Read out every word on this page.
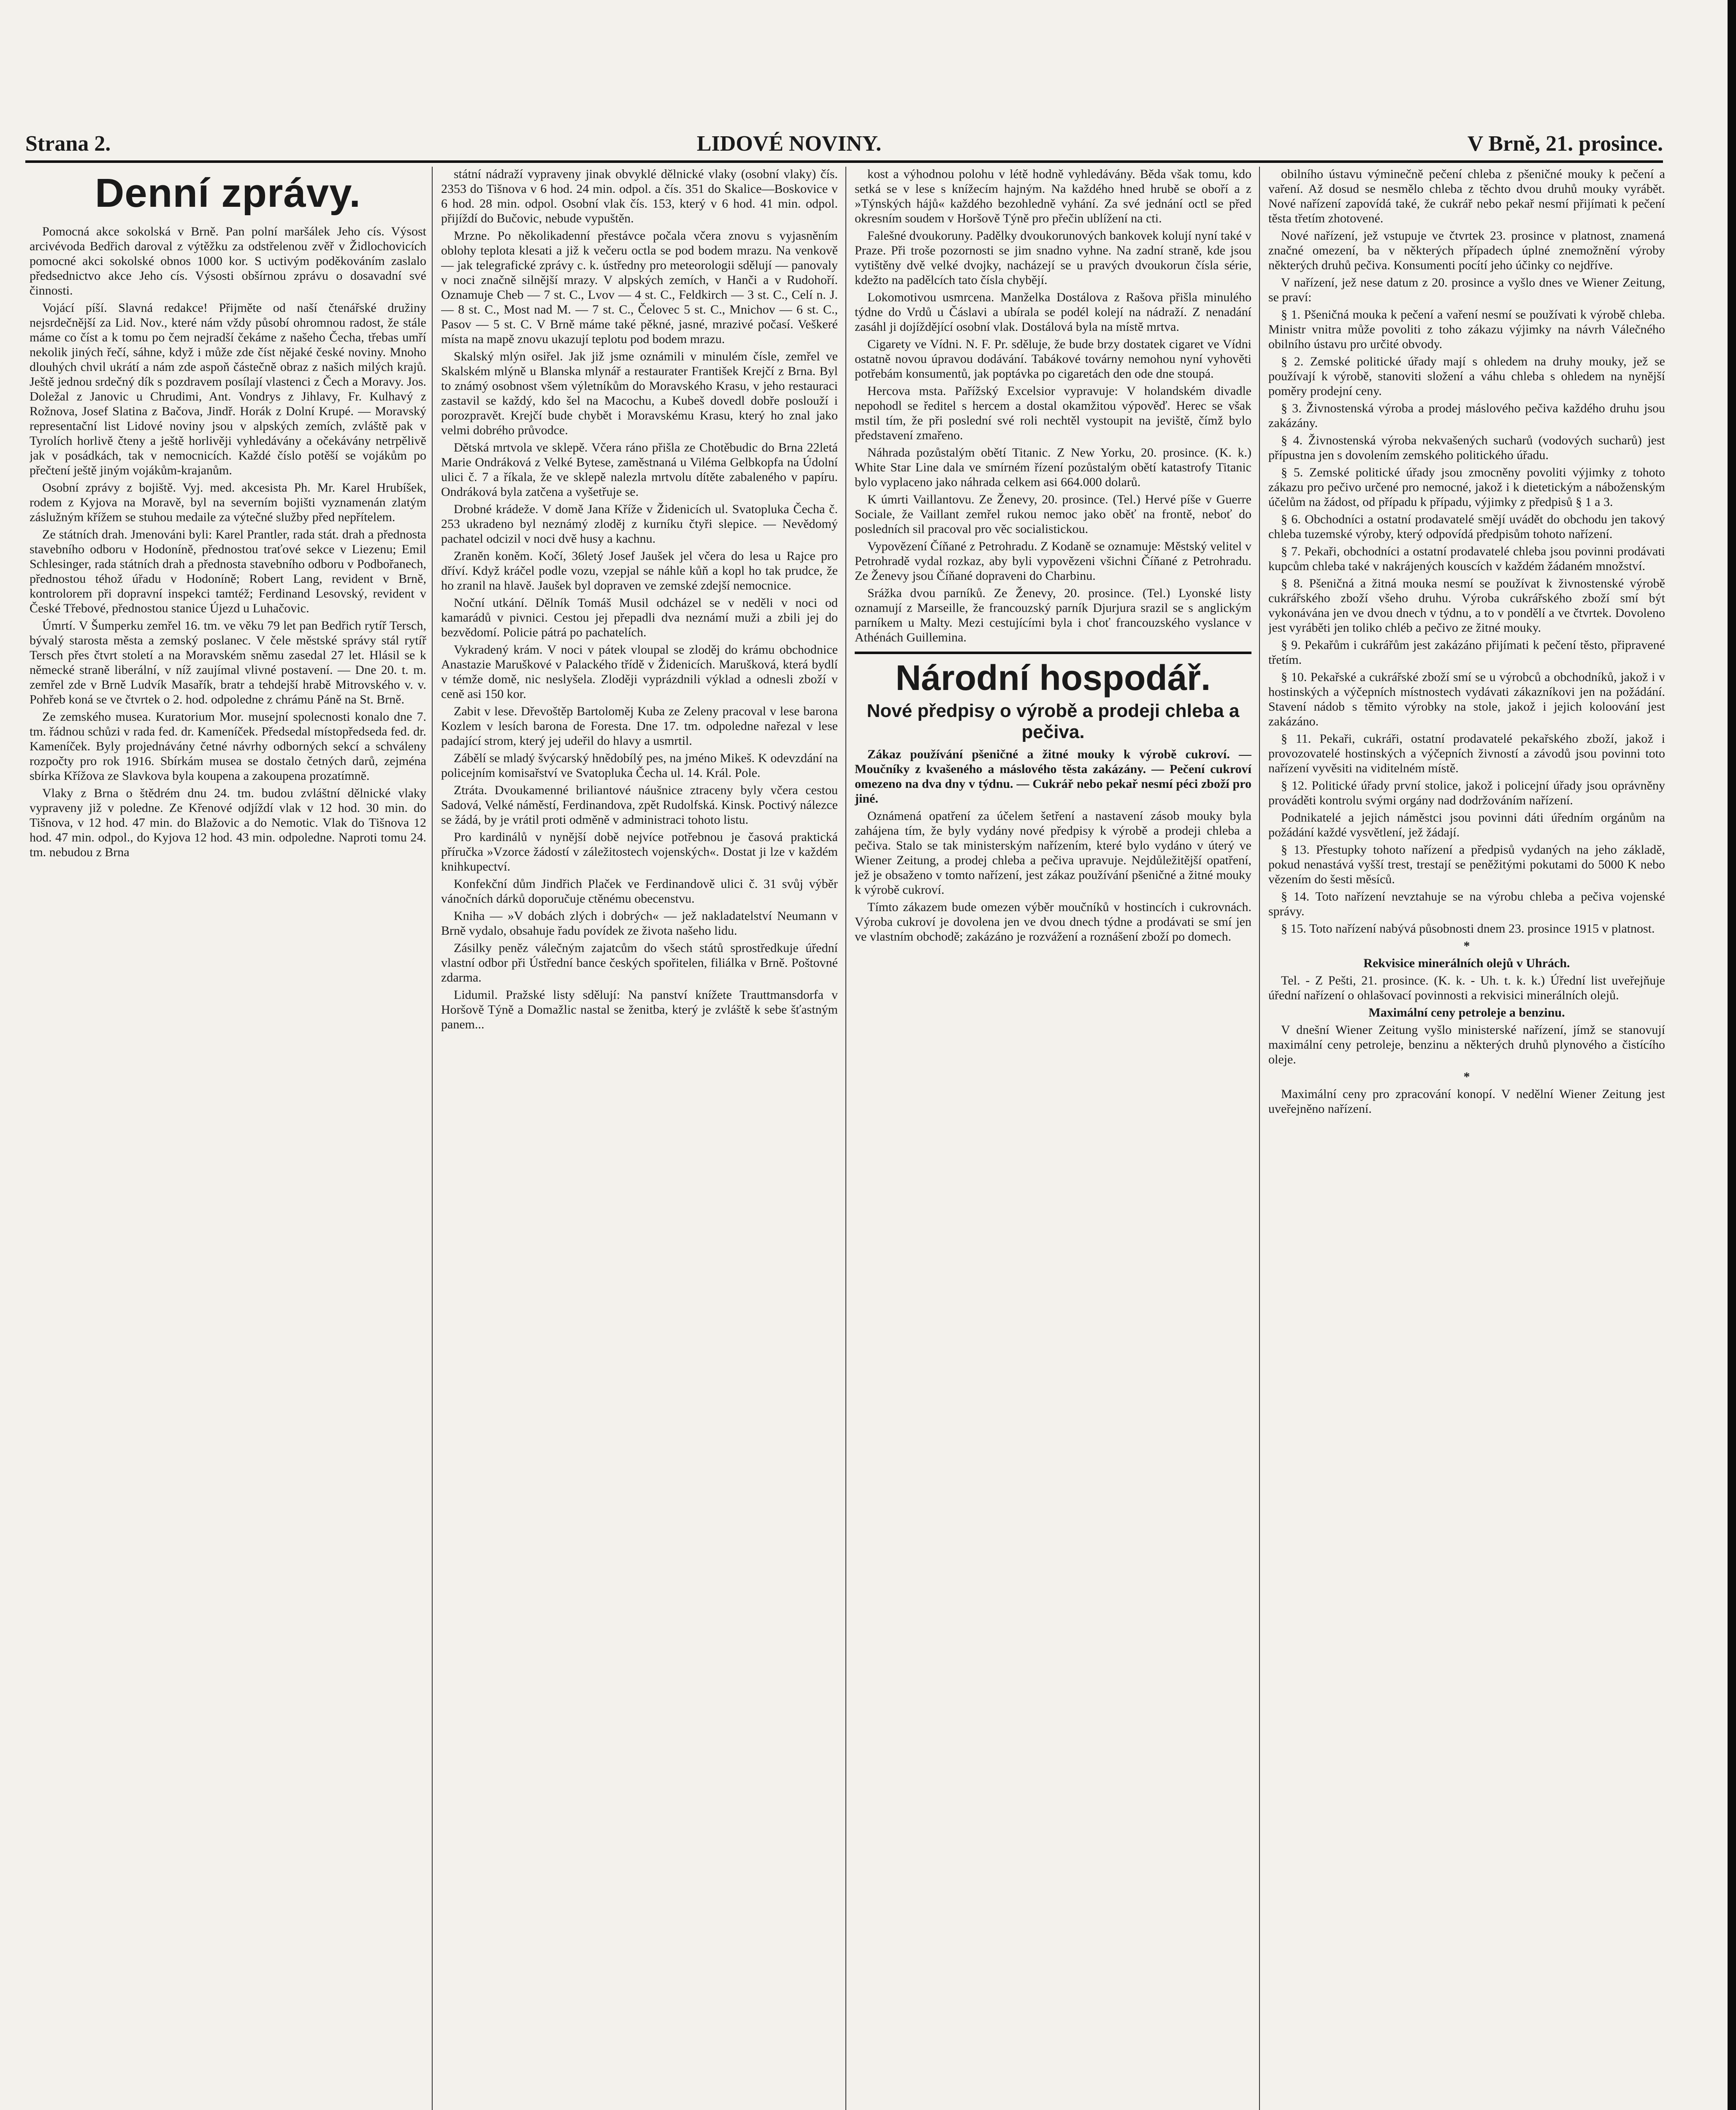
Strana 2.	LIDOVÉ NOVINY.	V Brně, 21. prosince.
Denní zprávy.

Pomocná akce sokolská v Brně. Pan polní maršálek Jeho cís. Výsost arcivévoda Bedřich daroval z výtěžku za odstřelenou zvěř v Židlochovicích pomocné akci sokolské obnos 1000 kor. S uctivým poděkováním zaslalo předsednictvo akce Jeho cís. Výsosti obšírnou zprávu o dosavadní své činnosti.

Vojácí píší. Slavná redakce! Přijměte od naší čtenářské družiny nejsrdečnější za Lid. Nov., které nám vždy působí ohromnou radost, že stále máme co číst a k tomu po čem nejradší čekáme z našeho Čecha, třebas umří nekolik jiných řečí, sáhne, když i může zde číst nějaké české noviny. Mnoho dlouhých chvil ukrátí a nám zde aspoň částečně obraz z našich milých krajů. Ještě jednou srdečný dík s pozdravem posílají vlastenci z Čech a Moravy. Jos. Doležal z Janovic u Chrudimi, Ant. Vondrys z Jihlavy, Fr. Kulhavý z Rožnova, Josef Slatina z Bačova, Jindř. Horák z Dolní Krupé. — Moravský representační list Lidové noviny jsou v alpských zemích, zvláště pak v Tyrolích horlivě čteny a ještě horlivěji vyhledávány a očekávány netrpělivě jak v posádkách, tak v nemocnicích. Každé číslo potěší se vojákům po přečtení ještě jiným vojákům-krajanům.

Osobní zprávy z bojiště. Vyj. med. akcesista Ph. Mr. Karel Hrubíšek, rodem z Kyjova na Moravě, byl na severním bojišti vyznamenán zlatým záslužným křížem se stuhou medaile za výtečné služby před nepřítelem.

Ze státních drah. Jmenováni byli: Karel Prantler, rada stát. drah a přednosta stavebního odboru v Hodoníně, přednostou traťové sekce v Liezenu; Emil Schlesinger, rada státních drah a přednosta stavebního odboru v Podbořanech, přednostou téhož úřadu v Hodoníně; Robert Lang, revident v Brně, kontrolorem při dopravní inspekci tamtéž; Ferdinand Lesovský, revident v České Třebové, přednostou stanice Újezd u Luhačovic.

Úmrtí. V Šumperku zemřel 16. tm. ve věku 79 let pan Bedřich rytíř Tersch, bývalý starosta města a zemský poslanec. V čele městské správy stál rytíř Tersch přes čtvrt století a na Moravském sněmu zasedal 27 let. Hlásil se k německé straně liberální, v níž zaujímal vlivné postavení. — Dne 20. t. m. zemřel zde v Brně Ludvík Masařík, bratr a tehdejší hrabě Mitrovského v. v. Pohřeb koná se ve čtvrtek o 2. hod. odpoledne z chrámu Páně na St. Brně.

Ze zemského musea. Kuratorium Mor. musejní spolecnosti konalo dne 7. tm. řádnou schůzi v rada fed. dr. Kameníček. Předsedal místopředseda fed. dr. Kameníček. Byly projednávány četné návrhy odborných sekcí a schváleny rozpočty pro rok 1916. Sbírkám musea se dostalo četných darů, zejména sbírka Křížova ze Slavkova byla koupena a zakoupena prozatímně.

Vlaky z Brna o štědrém dnu 24. tm. budou zvláštní dělnické vlaky vypraveny již v poledne. Ze Křenové odjíždí vlak v 12 hod. 30 min. do Tišnova, v 12 hod. 47 min. do Blažovic a do Nemotic. Vlak do Tišnova 12 hod. 47 min. odpol., do Kyjova 12 hod. 43 min. odpoledne. Naproti tomu 24. tm. nebudou z Brna

státní nádraží vypraveny jinak obvyklé dělnické vlaky (osobní vlaky) čís. 2353 do Tišnova v 6 hod. 24 min. odpol. a čís. 351 do Skalice—Boskovice v 6 hod. 28 min. odpol. Osobní vlak čís. 153, který v 6 hod. 41 min. odpol. přijíždí do Bučovic, nebude vypuštěn.

Mrzne. Po několikadenní přestávce počala včera znovu s vyjasněním oblohy teplota klesati a již k večeru octla se pod bodem mrazu. Na venkově — jak telegrafické zprávy c. k. ústředny pro meteorologii sdělují — panovaly v noci značně silnější mrazy. V alpských zemích, v Hanči a v Rudohoří. Oznamuje Cheb — 7 st. C., Lvov — 4 st. C., Feldkirch — 3 st. C., Celí n. J. — 8 st. C., Most nad M. — 7 st. C., Čelovec 5 st. C., Mnichov — 6 st. C., Pasov — 5 st. C. V Brně máme také pěkné, jasné, mrazivé počasí. Veškeré místa na mapě znovu ukazují teplotu pod bodem mrazu.

Skalský mlýn osiřel. Jak již jsme oznámili v minulém čísle, zemřel ve Skalském mlýně u Blanska mlynář a restaurater František Krejčí z Brna. Byl to známý osobnost všem výletníkům do Moravského Krasu, v jeho restauraci zastavil se každý, kdo šel na Macochu, a Kubeš dovedl dobře poslouží i porozpravět. Krejčí bude chybět i Moravskému Krasu, který ho znal jako velmi dobrého průvodce.

Dětská mrtvola ve sklepě. Včera ráno přišla ze Chotěbudic do Brna 22letá Marie Ondráková z Velké Bytese, zaměstnaná u Viléma Gelbkopfa na Údolní ulici č. 7 a říkala, že ve sklepě nalezla mrtvolu dítěte zabaleného v papíru. Ondráková byla zatčena a vyšetřuje se.

Drobné krádeže. V domě Jana Kříže v Židenicích ul. Svatopluka Čecha č. 253 ukradeno byl neznámý zloděj z kurníku čtyři slepice. — Nevědomý pachatel odcizil v noci dvě husy a kachnu.

Zraněn koněm. Kočí, 36letý Josef Jaušek jel včera do lesa u Rajce pro dříví. Když kráčel podle vozu, vzepjal se náhle kůň a kopl ho tak prudce, že ho zranil na hlavě. Jaušek byl dopraven ve zemské zdejší nemocnice.

Noční utkání. Dělník Tomáš Musil odcházel se v neděli v noci od kamarádů v pivnici. Cestou jej přepadli dva neznámí muži a zbili jej do bezvědomí. Policie pátrá po pachatelích.

Vykradený krám. V noci v pátek vloupal se zloděj do krámu obchodnice Anastazie Maruškové v Palackého třídě v Židenicích. Marušková, která bydlí v témže domě, nic neslyšela. Zloději vyprázdnili výklad a odnesli zboží v ceně asi 150 kor.

Zabit v lese. Dřevoštěp Bartoloměj Kuba ze Zeleny pracoval v lese barona Kozlem v lesích barona de Foresta. Dne 17. tm. odpoledne nařezal v lese padající strom, který jej udeřil do hlavy a usmrtil.

Zábělí se mladý švýcarský hnědobílý pes, na jméno Mikeš. K odevzdání na policejním komisařství ve Svatopluka Čecha ul. 14. Král. Pole.

Ztráta. Dvoukamenné briliantové náušnice ztraceny byly včera cestou Sadová, Velké náměstí, Ferdinandova, zpět Rudolfská. Kinsk. Poctivý nálezce se žádá, by je vrátil proti odměně v administraci tohoto listu.

Pro kardinálů v nynější době nejvíce potřebnou je časová praktická příručka »Vzorce žádostí v záležitostech vojenských«. Dostat ji lze v každém knihkupectví.

Konfekční dům Jindřich Plaček ve Ferdinandově ulici č. 31 svůj výběr vánočních dárků doporučuje ctěnému obecenstvu.

Kniha — »V dobách zlých i dobrých« — jež nakladatelství Neumann v Brně vydalo, obsahuje řadu povídek ze života našeho lidu.

Zásilky peněz válečným zajatcům do všech států sprostředkuje úřední vlastní odbor při Ústřední bance českých spořitelen, filiálka v Brně. Poštovné zdarma.

Lidumil. Pražské listy sdělují: Na panství knížete Trauttmansdorfa v Horšově Týně a Domažlic nastal se ženitba, který je zvláště k sebe šťastným panem...

kost a výhodnou polohu v létě hodně vyhledávány. Běda však tomu, kdo setká se v lese s knížecím hajným. Na každého hned hrubě se oboří a z »Týnských hájů« každého bezohledně vyhání. Za své jednání octl se před okresním soudem v Horšově Týně pro přečin ublížení na cti.

Falešné dvoukoruny. Padělky dvoukorunových bankovek kolují nyní také v Praze. Při troše pozornosti se jim snadno vyhne. Na zadní straně, kde jsou vytištěny dvě velké dvojky, nacházejí se u pravých dvoukorun čísla série, kdežto na padělcích tato čísla chybějí.

Lokomotivou usmrcena. Manželka Dostálova z Rašova přišla minulého týdne do Vrdů u Čáslavi a ubírala se podél kolejí na nádraží. Z nenadání zasáhl ji dojíždějící osobní vlak. Dostálová byla na místě mrtva.

Cigarety ve Vídni. N. F. Pr. sděluje, že bude brzy dostatek cigaret ve Vídni ostatně novou úpravou dodávání. Tabákové továrny nemohou nyní vyhověti potřebám konsumentů, jak poptávka po cigaretách den ode dne stoupá.

Hercova msta. Pařížský Excelsior vypravuje: V holandském divadle nepohodl se ředitel s hercem a dostal okamžitou výpověď. Herec se však mstil tím, že při poslední své roli nechtěl vystoupit na jeviště, čímž bylo představení zmařeno.

Náhrada pozůstalým obětí Titanic. Z New Yorku, 20. prosince. (K. k.) White Star Line dala ve smírném řízení pozůstalým obětí katastrofy Titanic bylo vyplaceno jako náhrada celkem asi 664.000 dolarů.

K úmrti Vaillantovu. Ze Ženevy, 20. prosince. (Tel.) Hervé píše v Guerre Sociale, že Vaillant zemřel rukou nemoc jako oběť na frontě, neboť do posledních sil pracoval pro věc socialistickou.

Vypovězení Číňané z Petrohradu. Z Kodaně se oznamuje: Městský velitel v Petrohradě vydal rozkaz, aby byli vypovězeni všichni Číňané z Petrohradu. Ze Ženevy jsou Číňané dopraveni do Charbinu.

Srážka dvou parníků. Ze Ženevy, 20. prosince. (Tel.) Lyonské listy oznamují z Marseille, že francouzský parník Djurjura srazil se s anglickým parníkem u Malty. Mezi cestujícími byla i choť francouzského vyslance v Athénách Guillemina.

Národní hospodář.
Nové předpisy o výrobě a prodeji chleba a pečiva.

Zákaz používání pšeničné a žitné mouky k výrobě cukroví. — Moučníky z kvašeného a máslového těsta zakázány. — Pečení cukroví omezeno na dva dny v týdnu. — Cukrář nebo pekař nesmí péci zboží pro jiné.

Oznámená opatření za účelem šetření a nastavení zásob mouky byla zahájena tím, že byly vydány nové předpisy k výrobě a prodeji chleba a pečiva. Stalo se tak ministerským nařízením, které bylo vydáno v úterý ve Wiener Zeitung, a prodej chleba a pečiva upravuje. Nejdůležitější opatření, jež je obsaženo v tomto nařízení, jest zákaz používání pšeničné a žitné mouky k výrobě cukroví.

Tímto zákazem bude omezen výběr moučníků v hostincích i cukrovnách. Výroba cukroví je dovolena jen ve dvou dnech týdne a prodávati se smí jen ve vlastním obchodě; zakázáno je rozvážení a roznášení zboží po domech.

obilního ústavu výminečně pečení chleba z pšeničné mouky k pečení a vaření. Až dosud se nesmělo chleba z těchto dvou druhů mouky vyrábět. Nové nařízení zapovídá také, že cukrář nebo pekař nesmí přijímati k pečení těsta třetím zhotovené.

Nové nařízení, jež vstupuje ve čtvrtek 23. prosince v platnost, znamená značné omezení, ba v některých případech úplné znemožnění výroby některých druhů pečiva. Konsumenti pocítí jeho účinky co nejdříve.

V nařízení, jež nese datum z 20. prosince a vyšlo dnes ve Wiener Zeitung, se praví:

§ 1. Pšeničná mouka k pečení a vaření nesmí se používati k výrobě chleba. Ministr vnitra může povoliti z toho zákazu výjimky na návrh Válečného obilního ústavu pro určité obvody.

§ 2. Zemské politické úřady mají s ohledem na druhy mouky, jež se používají k výrobě, stanoviti složení a váhu chleba s ohledem na nynější poměry prodejní ceny.

§ 3. Živnostenská výroba a prodej máslového pečiva každého druhu jsou zakázány.

§ 4. Živnostenská výroba nekvašených sucharů (vodových sucharů) jest přípustna jen s dovolením zemského politického úřadu.

§ 5. Zemské politické úřady jsou zmocněny povoliti výjimky z tohoto zákazu pro pečivo určené pro nemocné, jakož i k dietetickým a náboženským účelům na žádost, od případu k případu, výjimky z předpisů § 1 a 3.

§ 6. Obchodníci a ostatní prodavatelé smějí uvádět do obchodu jen takový chleba tuzemské výroby, který odpovídá předpisům tohoto nařízení.

§ 7. Pekaři, obchodníci a ostatní prodavatelé chleba jsou povinni prodávati kupcům chleba také v nakrájených kouscích v každém žádaném množství.

§ 8. Pšeničná a žitná mouka nesmí se používat k živnostenské výrobě cukrářského zboží všeho druhu. Výroba cukrářského zboží smí být vykonávána jen ve dvou dnech v týdnu, a to v pondělí a ve čtvrtek. Dovoleno jest vyráběti jen toliko chléb a pečivo ze žitné mouky.

§ 9. Pekařům i cukrářům jest zakázáno přijímati k pečení těsto, připravené třetím.

§ 10. Pekařské a cukrářské zboží smí se u výrobců a obchodníků, jakož i v hostinských a výčepních místnostech vydávati zákazníkovi jen na požádání. Stavení nádob s těmito výrobky na stole, jakož i jejich koloování jest zakázáno.

§ 11. Pekaři, cukráři, ostatní prodavatelé pekařského zboží, jakož i provozovatelé hostinských a výčepních živností a závodů jsou povinni toto nařízení vyvěsiti na viditelném místě.

§ 12. Politické úřady první stolice, jakož i policejní úřady jsou oprávněny prováděti kontrolu svými orgány nad dodržováním nařízení.

Podnikatelé a jejich náměstci jsou povinni dáti úředním orgánům na požádání každé vysvětlení, jež žádají.

§ 13. Přestupky tohoto nařízení a předpisů vydaných na jeho základě, pokud nenastává vyšší trest, trestají se peněžitými pokutami do 5000 K nebo vězením do šesti měsíců.

§ 14. Toto nařízení nevztahuje se na výrobu chleba a pečiva vojenské správy.

§ 15. Toto nařízení nabývá působnosti dnem 23. prosince 1915 v platnost.

*

Rekvisice minerálních olejů v Uhrách.

Tel. - Z Pešti, 21. prosince. (K. k. - Uh. t. k. k.) Úřední list uveřejňuje úřední nařízení o ohlašovací povinnosti a rekvisici minerálních olejů.

Maximální ceny petroleje a benzinu.

V dnešní Wiener Zeitung vyšlo ministerské nařízení, jímž se stanovují maximální ceny petroleje, benzinu a některých druhů plynového a čistícího oleje.

*

Maximální ceny pro zpracování konopí. V nedělní Wiener Zeitung jest uveřejněno nařízení.
